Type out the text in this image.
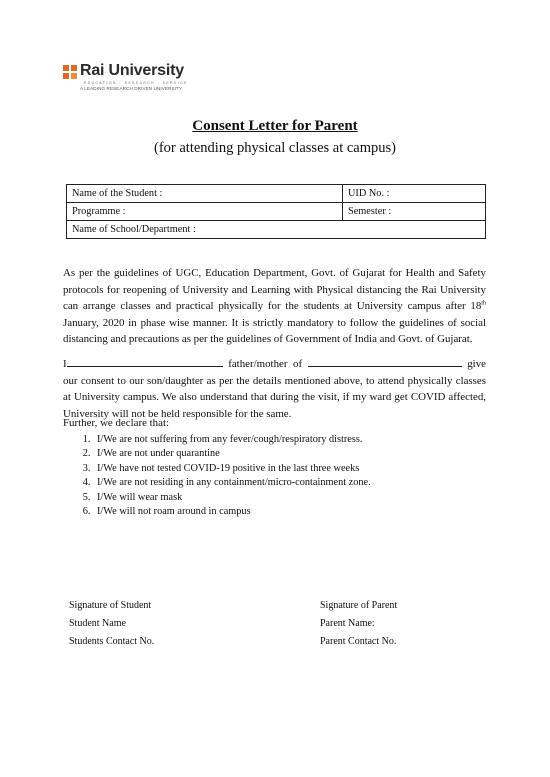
Rai University
EDUCATION · RESEARCH · SERVICE
A LEADING RESEARCH DRIVEN UNIVERSITY
Consent Letter for Parent
(for attending physical classes at campus)
Name of the Student :	UID No. :
Programme :	Semester :
Name of School/Department :	

As per the guidelines of UGC, Education Department, Govt. of Gujarat for Health and Safety protocols for reopening of University and Learning with Physical distancing the Rai University can arrange classes and practical physically for the students at University campus after 18th January, 2020 in phase wise manner. It is strictly mandatory to follow the guidelines of social distancing and precautions as per the guidelines of Government of India and Govt. of Gujarat.

I	father/mother of	give our consent to our son/daughter as per the details mentioned above, to attend physically classes at University campus. We also understand that during the visit, if my ward get COVID affected, University will not be held responsible for the same.

Further, we declare that:
1. I/We are not suffering from any fever/cough/respiratory distress.
2. I/We are not under quarantine
3. I/We have not tested COVID-19 positive in the last three weeks
4. I/We are not residing in any containment/micro-containment zone.
5. I/We will wear mask
6. I/We will not roam around in campus
Signature of Student	Signature of Parent
Student Name	Parent Name:
Students Contact No.	Parent Contact No.
